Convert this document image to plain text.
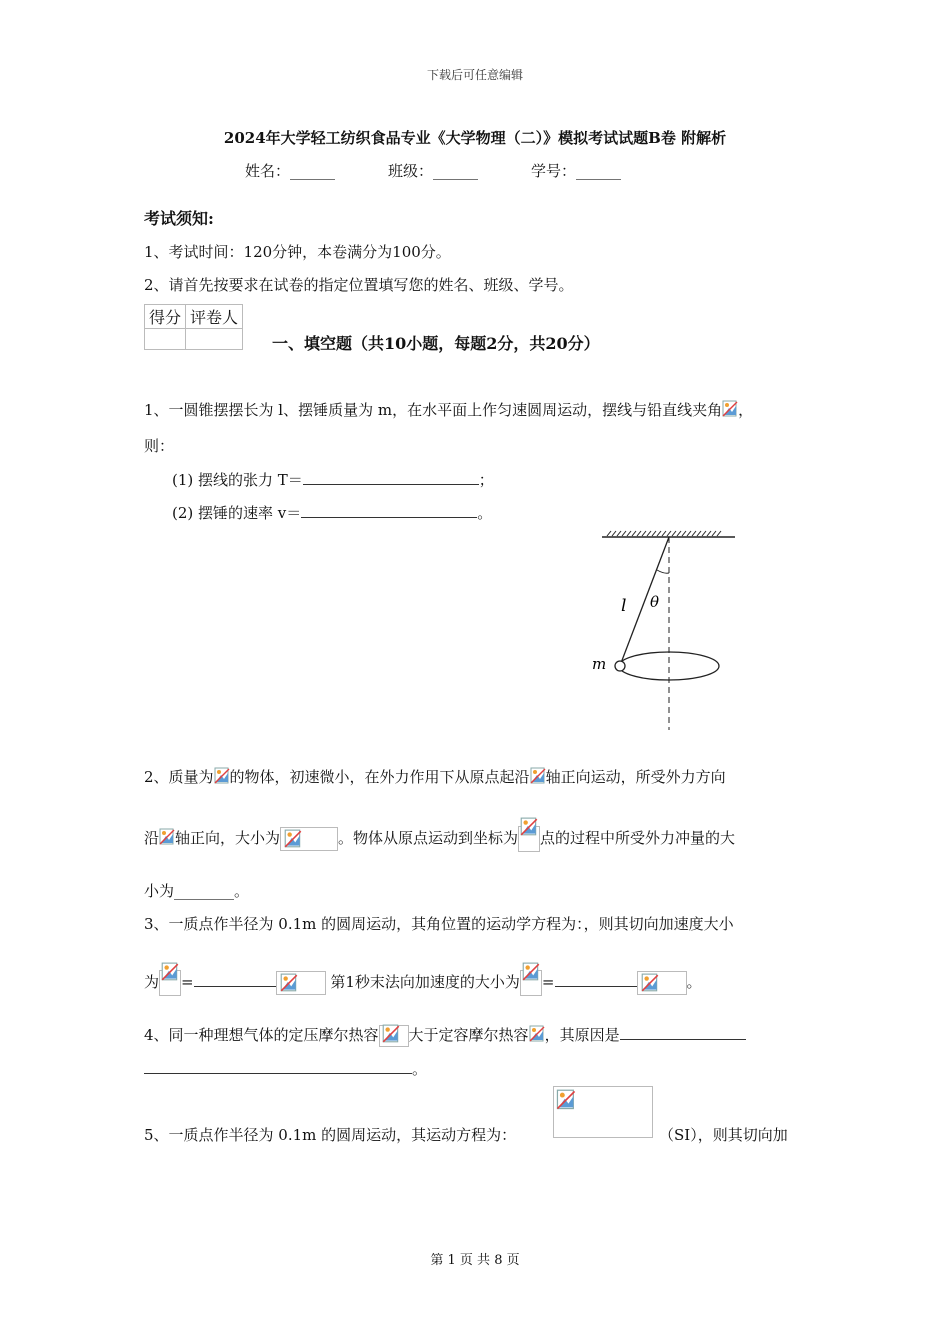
下载后可任意编辑
2024年大学轻工纺织食品专业《大学物理（二）》模拟考试试题B卷 附解析
姓名：______	班级：______	学号：______
考试须知:
1、考试时间：120分钟，本卷满分为100分。
2、请首先按要求在试卷的指定位置填写您的姓名、班级、学号。
得分	评卷人

一、填空题（共10小题，每题2分，共20分）
1、一圆锥摆摆长为 l、摆锤质量为 m，在水平面上作匀速圆周运动，摆线与铅直线夹角 ，
则：
(1) 摆线的张力 T＝	；
(2) 摆锤的速率 v＝	。
l θ
m
2、质量为 的物体，初速微小，在外力作用下从原点起沿 轴正向运动，所受外力方向
沿 轴正向，大小为	。物体从原点运动到坐标为 点的过程中所受外力冲量的大
小为________。
3、一质点作半径为 0.1m 的圆周运动，其角位置的运动学方程为：，则其切向加速度大小
为 =	第1秒末法向加速度的大小为 =	。
4、同一种理想气体的定压摩尔热容 大于定容摩尔热容 ，其原因是
。
5、一质点作半径为 0.1m 的圆周运动，其运动方程为：	（SI），则其切向加
第 1 页 共 8 页
